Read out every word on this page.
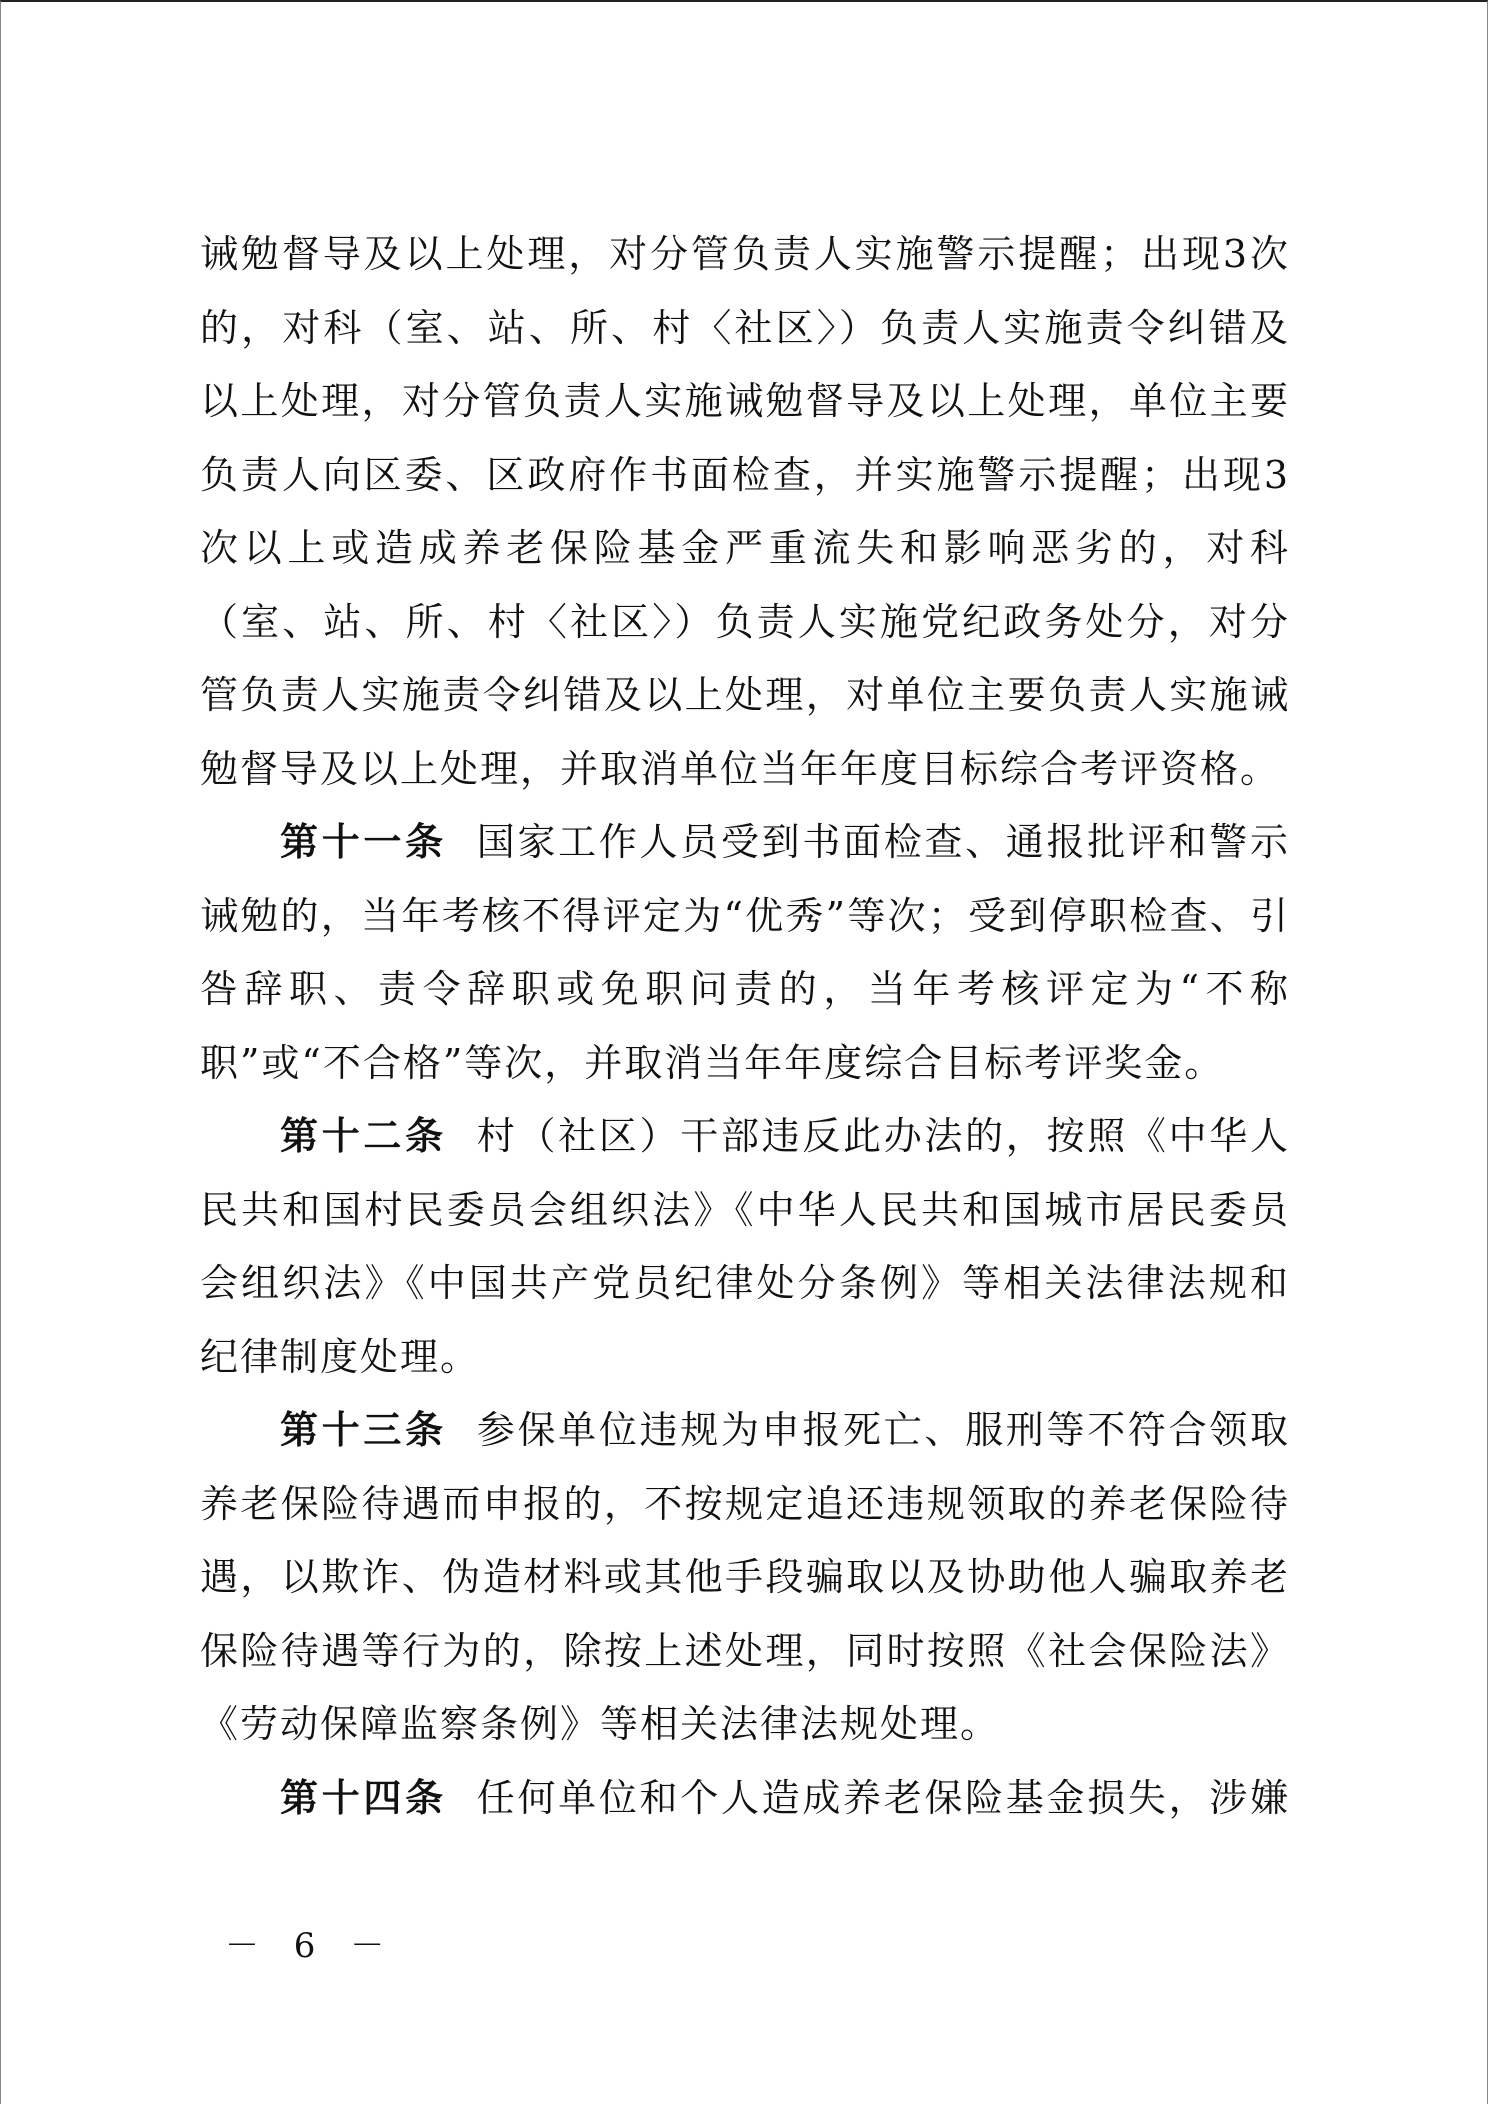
诫勉督导及以上处理，对分管负责人实施警示提醒；出现3次的，对科（室、站、所、村〈社区〉）负责人实施责令纠错及以上处理，对分管负责人实施诫勉督导及以上处理，单位主要负责人向区委、区政府作书面检查，并实施警示提醒；出现3次以上或造成养老保险基金严重流失和影响恶劣的，对科（室、站、所、村〈社区〉）负责人实施党纪政务处分，对分管负责人实施责令纠错及以上处理，对单位主要负责人实施诫勉督导及以上处理，并取消单位当年年度目标综合考评资格。

第十一条 国家工作人员受到书面检查、通报批评和警示诫勉的，当年考核不得评定为“优秀”等次；受到停职检查、引咎辞职、责令辞职或免职问责的，当年考核评定为“不称职”或“不合格”等次，并取消当年年度综合目标考评奖金。

第十二条 村（社区）干部违反此办法的，按照《中华人民共和国村民委员会组织法》《中华人民共和国城市居民委员会组织法》《中国共产党员纪律处分条例》等相关法律法规和纪律制度处理。

第十三条 参保单位违规为申报死亡、服刑等不符合领取养老保险待遇而申报的，不按规定追还违规领取的养老保险待遇，以欺诈、伪造材料或其他手段骗取以及协助他人骗取养老保险待遇等行为的，除按上述处理，同时按照《社会保险法》《劳动保障监察条例》等相关法律法规处理。

第十四条 任何单位和个人造成养老保险基金损失，涉嫌

－ 6 －
